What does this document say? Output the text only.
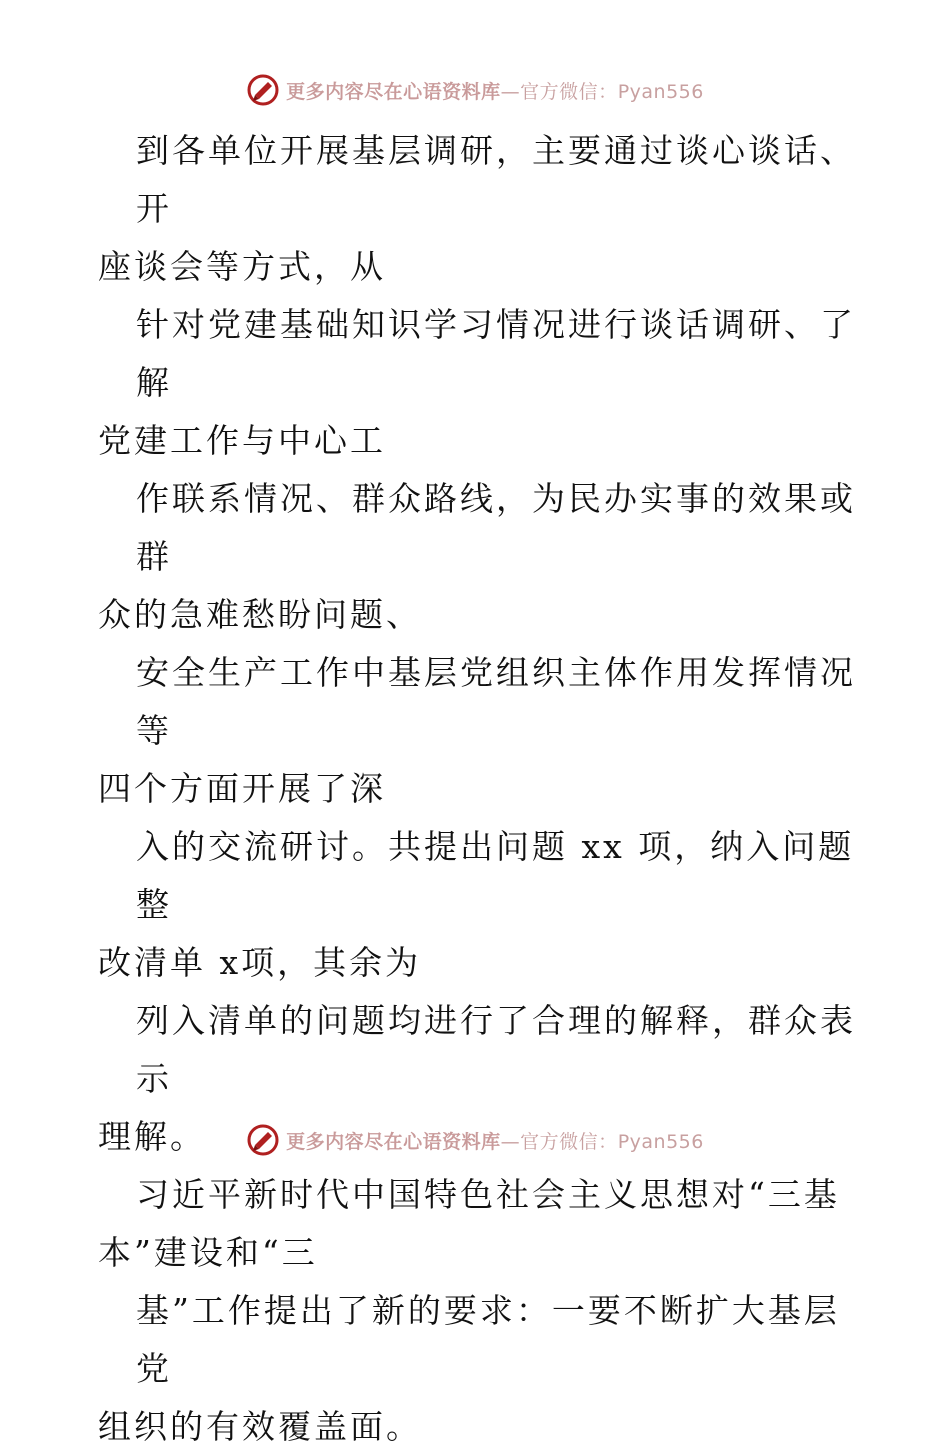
更多内容尽在心语资料库—官方微信：Pyan556

到各单位开展基层调研，主要通过谈心谈话、开
座谈会等方式，从

针对党建基础知识学习情况进行谈话调研、了解
党建工作与中心工

作联系情况、群众路线，为民办实事的效果或群
众的急难愁盼问题、

安全生产工作中基层党组织主体作用发挥情况等
四个方面开展了深

入的交流研讨。共提出问题 xx 项，纳入问题整
改清单 x项，其余为

列入清单的问题均进行了合理的解释，群众表示
理解。

习近平新时代中国特色社会主义思想对“三基
本”建设和“三

基”工作提出了新的要求：一要不断扩大基层党
组织的有效覆盖面。

更多内容尽在心语资料库—官方微信：Pyan556
